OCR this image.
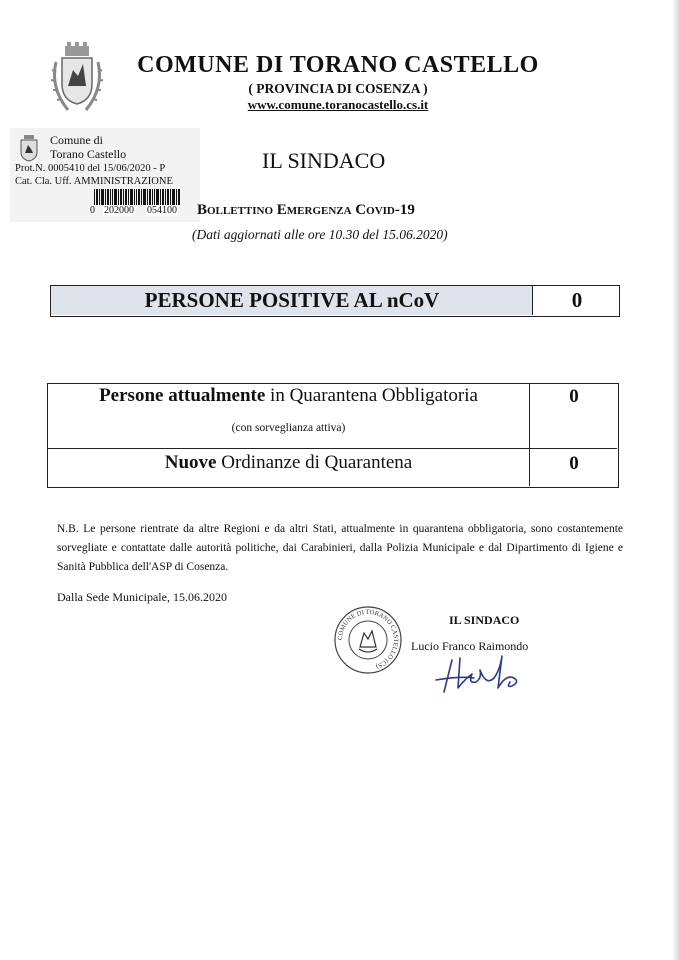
COMUNE DI TORANO CASTELLO
( PROVINCIA DI COSENZA )
www.comune.toranocastello.cs.it
Comune di
Torano Castello
Prot.N. 0005410 del 15/06/2020 - P
Cat. Cla. Uff. AMMINISTRAZIONE
0 202000 054100
IL SINDACO
Bollettino Emergenza Covid-19
(Dati aggiornati alle ore 10.30 del 15.06.2020)
PERSONE POSITIVE AL nCoV	0
Persone attualmente in Quarantena Obbligatoria
(con sorveglianza attiva)
0
Nuove Ordinanze di Quarantena	0
N.B. Le persone rientrate da altre Regioni e da altri Stati, attualmente in quarantena obbligatoria, sono costantemente sorvegliate e contattate dalle autorità politiche, dai Carabinieri, dalla Polizia Municipale e dal Dipartimento di Igiene e Sanità Pubblica dell'ASP di Cosenza.
Dalla Sede Municipale, 15.06.2020
COMUNE DI TORANO CASTELLO (CS)
IL SINDACO
Lucio Franco Raimondo
